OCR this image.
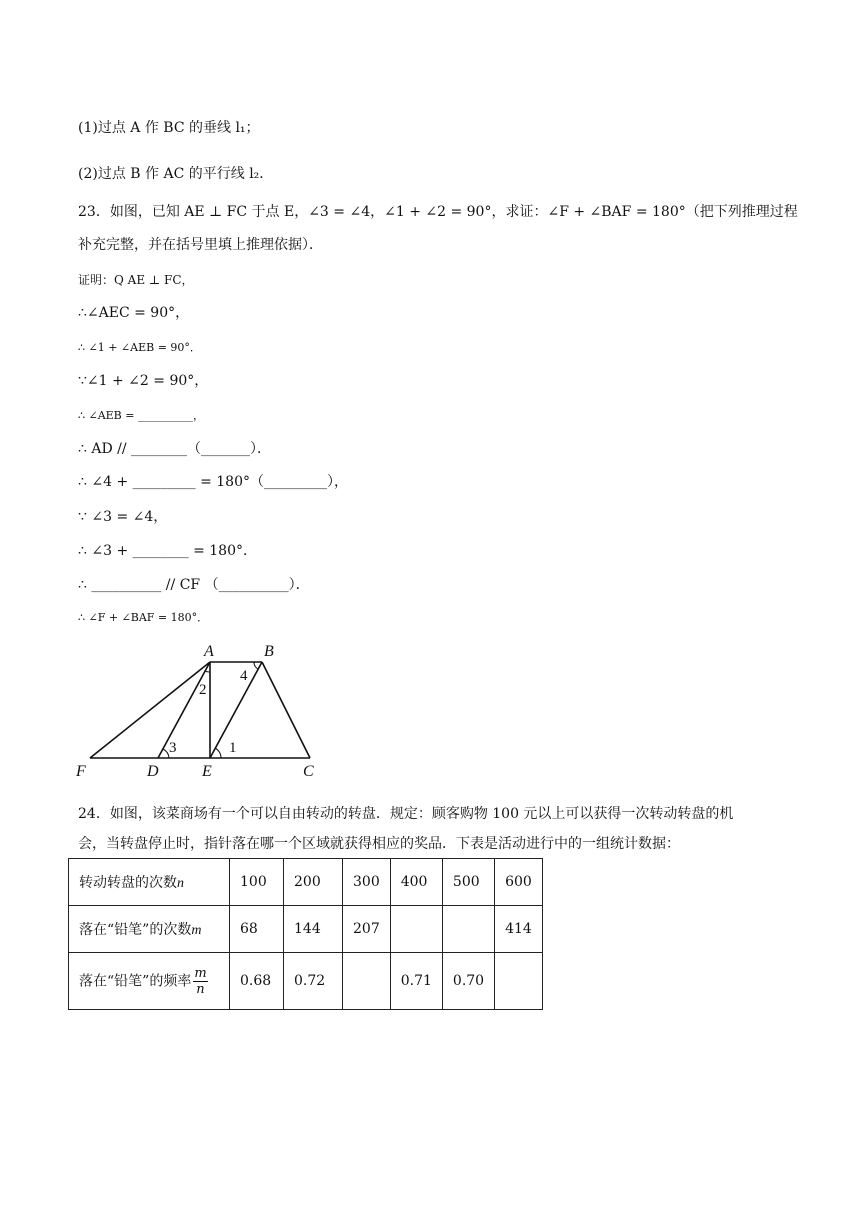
(1)过点 A 作 BC 的垂线 l₁；
(2)过点 B 作 AC 的平行线 l₂．
23．如图，已知 AE ⊥ FC 于点 E，∠3 = ∠4，∠1 + ∠2 = 90°，求证：∠F + ∠BAF = 180°（把下列推理过程
补充完整，并在括号里填上推理依据）．
证明：Q AE ⊥ FC，
∴∠AEC = 90°，
∴ ∠1 + ∠AEB = 90°．
∵∠1 + ∠2 = 90°，
∴ ∠AEB = __________，
∴ AD // ________（_______）．
∴ ∠4 + _________ = 180°（_________），
∵ ∠3 = ∠4，
∴ ∠3 + ________ = 180°．
∴ __________ // CF （__________）．
∴ ∠F + ∠BAF = 180°．
A	B
F	D	E	C
1
2
3
4
24．如图，该菜商场有一个可以自由转动的转盘．规定：顾客购物 100 元以上可以获得一次转动转盘的机
会，当转盘停止时，指针落在哪一个区域就获得相应的奖品．下表是活动进行中的一组统计数据：
转动转盘的次数n	100	200	300	400	500	600
落在“铅笔”的次数m	68	144	207			414
落在“铅笔”的频率 $\frac{m}{n}$	0.68	0.72		0.71	0.70	
